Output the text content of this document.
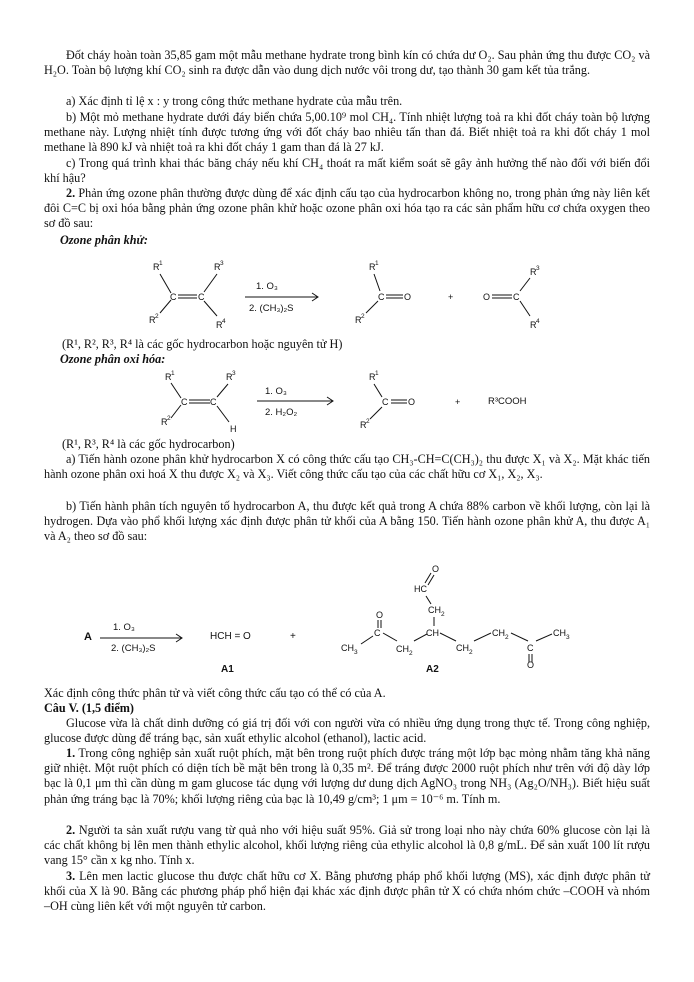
Đốt cháy hoàn toàn 35,85 gam một mẫu methane hydrate trong bình kín có chứa dư O₂. Sau phản ứng thu được CO₂ và H₂O. Toàn bộ lượng khí CO₂ sinh ra được dẫn vào dung dịch nước vôi trong dư, tạo thành 30 gam kết tủa trắng.

a) Xác định tỉ lệ x : y trong công thức methane hydrate của mẫu trên.

b) Một mỏ methane hydrate dưới đáy biển chứa 5,00.10⁹ mol CH₄. Tính nhiệt lượng toả ra khi đốt cháy toàn bộ lượng methane này. Lượng nhiệt tính được tương ứng với đốt cháy bao nhiêu tấn than đá. Biết nhiệt toả ra khi đốt cháy 1 mol methane là 890 kJ và nhiệt toả ra khi đốt cháy 1 gam than đá là 27 kJ.

c) Trong quá trình khai thác băng cháy nếu khí CH₄ thoát ra mất kiểm soát sẽ gây ảnh hưởng thế nào đối với biến đổi khí hậu?

2. Phản ứng ozone phân thường được dùng để xác định cấu tạo của hydrocarbon không no, trong phản ứng này liên kết đôi C=C bị oxi hóa bằng phản ứng ozone phân khử hoặc ozone phân oxi hóa tạo ra các sản phẩm hữu cơ chứa oxygen theo sơ đồ sau:

Ozone phân khử:

R 1	R 3
R 2
R 4
C C
R 1
R 2
C O	+	O	C
R 3
R 4
1. O₃
2. (CH₃)₂S

(R¹, R², R³, R⁴ là các gốc hydrocarbon hoặc nguyên tử H)

Ozone phân oxi hóa:

R 1	R 3
R 2
H
C	C
R 1
R 2
C O	+
1. O₃
2. H₂O₂
R³COOH

(R¹, R³, R⁴ là các gốc hydrocarbon)

a) Tiến hành ozone phân khử hydrocarbon X có công thức cấu tạo CH₃-CH=C(CH₃)₂ thu được X₁ và X₂. Mặt khác tiến hành ozone phân oxi hoá X thu được X₂ và X₃. Viết công thức cấu tạo của các chất hữu cơ X₁, X₂, X₃.

b) Tiến hành phân tích nguyên tố hydrocarbon A, thu được kết quả trong A chứa 88% carbon về khối lượng, còn lại là hydrogen. Dựa vào phổ khối lượng xác định được phân tử khối của A bằng 150. Tiến hành ozone phân khử A, thu được A₁ và A₂ theo sơ đồ sau:

HC
O
CH 2
O
C
CH 3	CH 2
CH
CH 2
CH 2
C
O
CH 3
A
1. O₃
2. (CH₃)₂S
HCH = O	+
A1	A2

Xác định công thức phân tử và viết công thức cấu tạo có thể có của A.

Câu V. (1,5 điểm)

Glucose vừa là chất dinh dưỡng có giá trị đối với con người vừa có nhiều ứng dụng trong thực tế. Trong công nghiệp, glucose được dùng để tráng bạc, sản xuất ethylic alcohol (ethanol), lactic acid.

1. Trong công nghiệp sản xuất ruột phích, mặt bên trong ruột phích được tráng một lớp bạc mỏng nhằm tăng khả năng giữ nhiệt. Một ruột phích có diện tích bề mặt bên trong là 0,35 m². Để tráng được 2000 ruột phích như trên với độ dày lớp bạc là 0,1 μm thì cần dùng m gam glucose tác dụng với lượng dư dung dịch AgNO₃ trong NH₃ (Ag₂O/NH₃). Biết hiệu suất phản ứng tráng bạc là 70%; khối lượng riêng của bạc là 10,49 g/cm³; 1 μm = 10⁻⁶ m. Tính m.

2. Người ta sản xuất rượu vang từ quả nho với hiệu suất 95%. Giả sử trong loại nho này chứa 60% glucose còn lại là các chất không bị lên men thành ethylic alcohol, khối lượng riêng của ethylic alcohol là 0,8 g/mL. Để sản xuất 100 lít rượu vang 15° cần x kg nho. Tính x.

3. Lên men lactic glucose thu được chất hữu cơ X. Bằng phương pháp phổ khối lượng (MS), xác định được phân tử khối của X là 90. Bằng các phương pháp phổ hiện đại khác xác định được phân tử X có chứa nhóm chức –COOH và nhóm –OH cùng liên kết với một nguyên tử carbon.
